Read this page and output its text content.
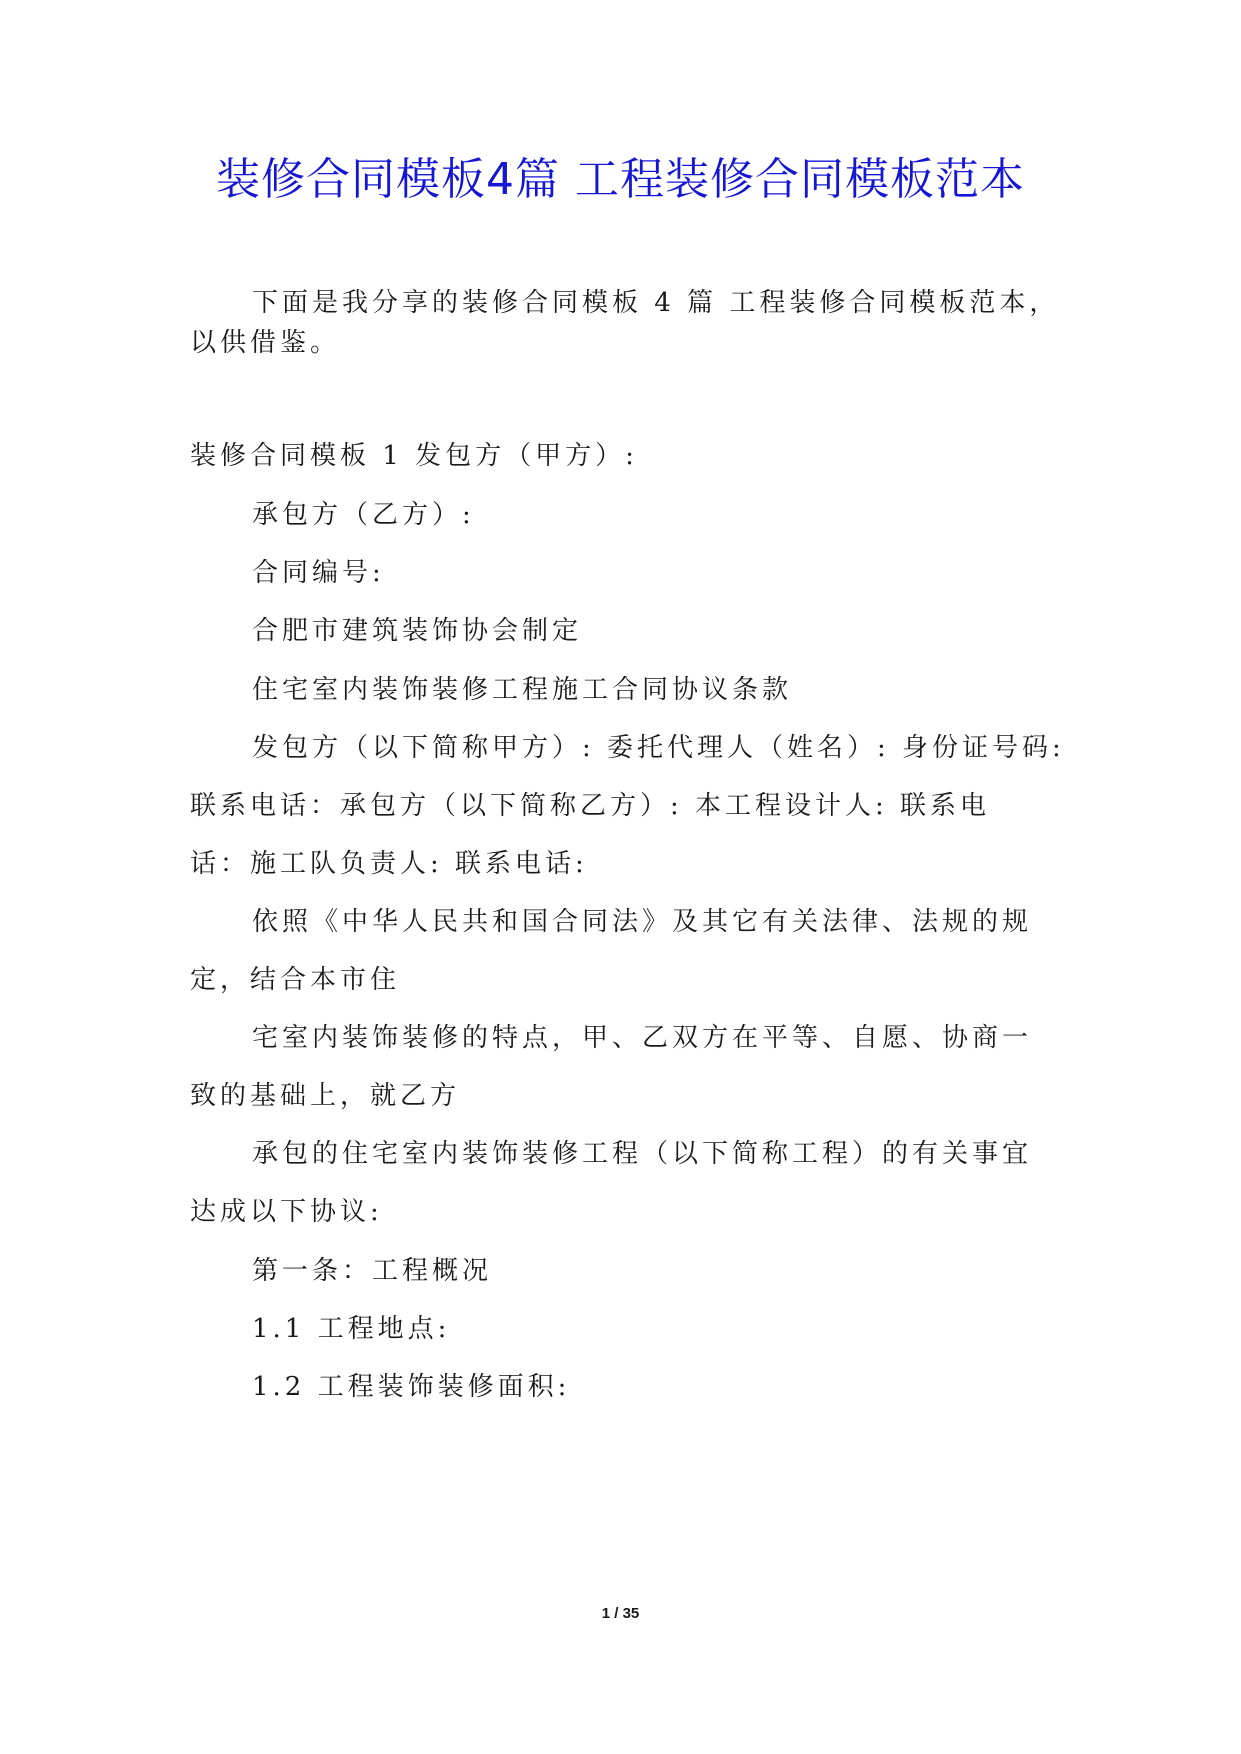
装修合同模板4篇 工程装修合同模板范本
下面是我分享的装修合同模板 4 篇 工程装修合同模板范本，
以供借鉴。
装修合同模板 1 发包方（甲方）:
承包方（乙方）:
合同编号:
合肥市建筑装饰协会制定
住宅室内装饰装修工程施工合同协议条款
发包方（以下简称甲方）: 委托代理人（姓名）: 身份证号码:
联系电话：承包方（以下简称乙方）: 本工程设计人: 联系电
话：施工队负责人: 联系电话:
依照《中华人民共和国合同法》及其它有关法律、法规的规
定，结合本市住
宅室内装饰装修的特点，甲、乙双方在平等、自愿、协商一
致的基础上，就乙方
承包的住宅室内装饰装修工程（以下简称工程）的有关事宜
达成以下协议:
第一条：工程概况
1.1 工程地点:
1.2 工程装饰装修面积:
1 / 35
